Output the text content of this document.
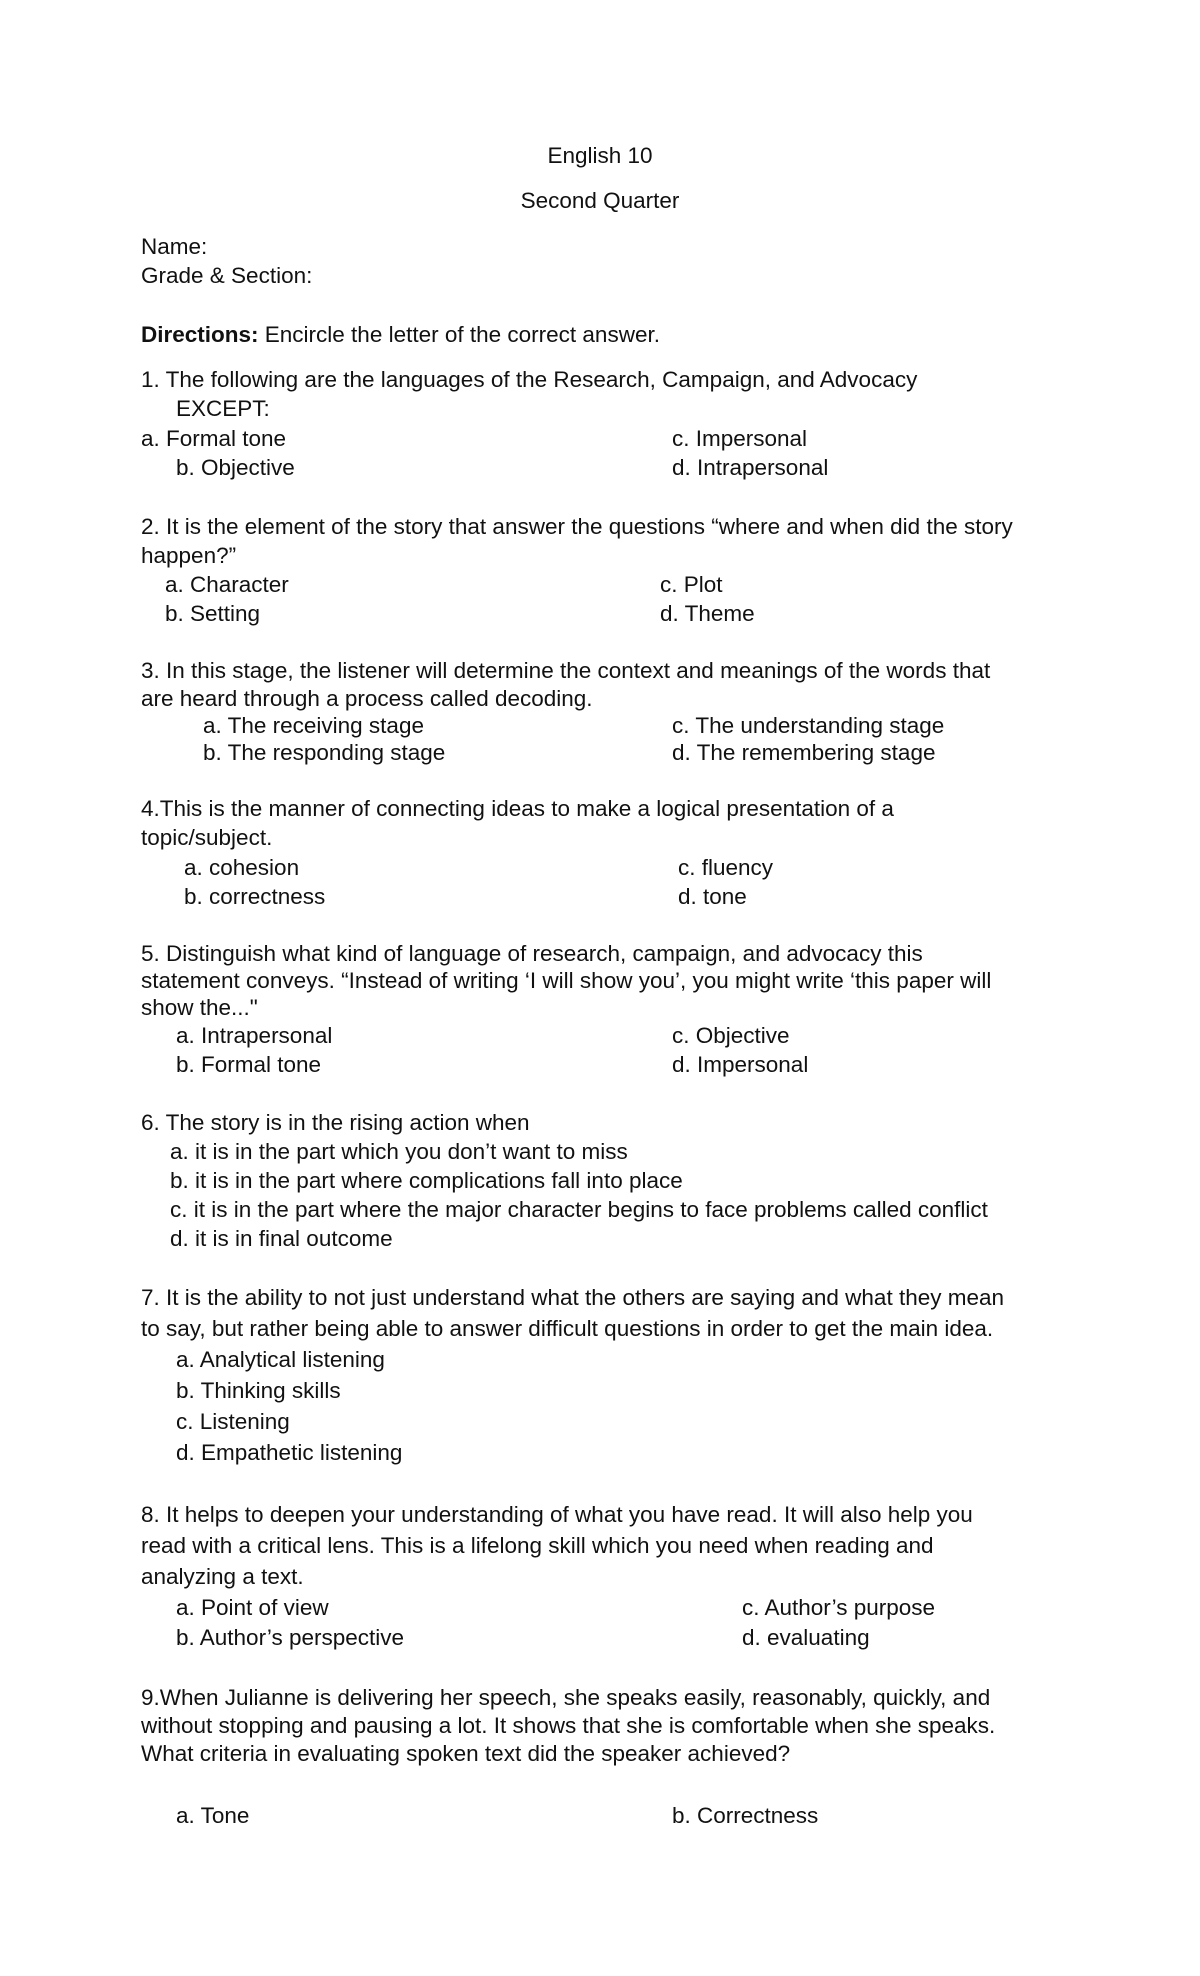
English 10
Second Quarter
Name:
Grade & Section:
Directions: Encircle the letter of the correct answer.
1. The following are the languages of the Research, Campaign, and Advocacy
EXCEPT:
a. Formal tone	c. Impersonal
b. Objective	d. Intrapersonal
2. It is the element of the story that answer the questions “where and when did the story
happen?”
a. Character	c. Plot
b. Setting	d. Theme
3. In this stage, the listener will determine the context and meanings of the words that
are heard through a process called decoding.
a. The receiving stage	c. The understanding stage
b. The responding stage	d. The remembering stage
4.This is the manner of connecting ideas to make a logical presentation of a
topic/subject.
a. cohesion	c. fluency
b. correctness	d. tone
5. Distinguish what kind of language of research, campaign, and advocacy this
statement conveys. “Instead of writing ‘I will show you’, you might write ‘this paper will
show the..."
a. Intrapersonal	c. Objective
b. Formal tone	d. Impersonal
6. The story is in the rising action when
a. it is in the part which you don’t want to miss
b. it is in the part where complications fall into place
c. it is in the part where the major character begins to face problems called conflict
d. it is in final outcome
7. It is the ability to not just understand what the others are saying and what they mean
to say, but rather being able to answer difficult questions in order to get the main idea.
a. Analytical listening
b. Thinking skills
c. Listening
d. Empathetic listening
8. It helps to deepen your understanding of what you have read. It will also help you
read with a critical lens. This is a lifelong skill which you need when reading and
analyzing a text.
a. Point of view	c. Author’s purpose
b. Author’s perspective	d. evaluating
9.When Julianne is delivering her speech, she speaks easily, reasonably, quickly, and
without stopping and pausing a lot. It shows that she is comfortable when she speaks.
What criteria in evaluating spoken text did the speaker achieved?
a. Tone	b. Correctness
